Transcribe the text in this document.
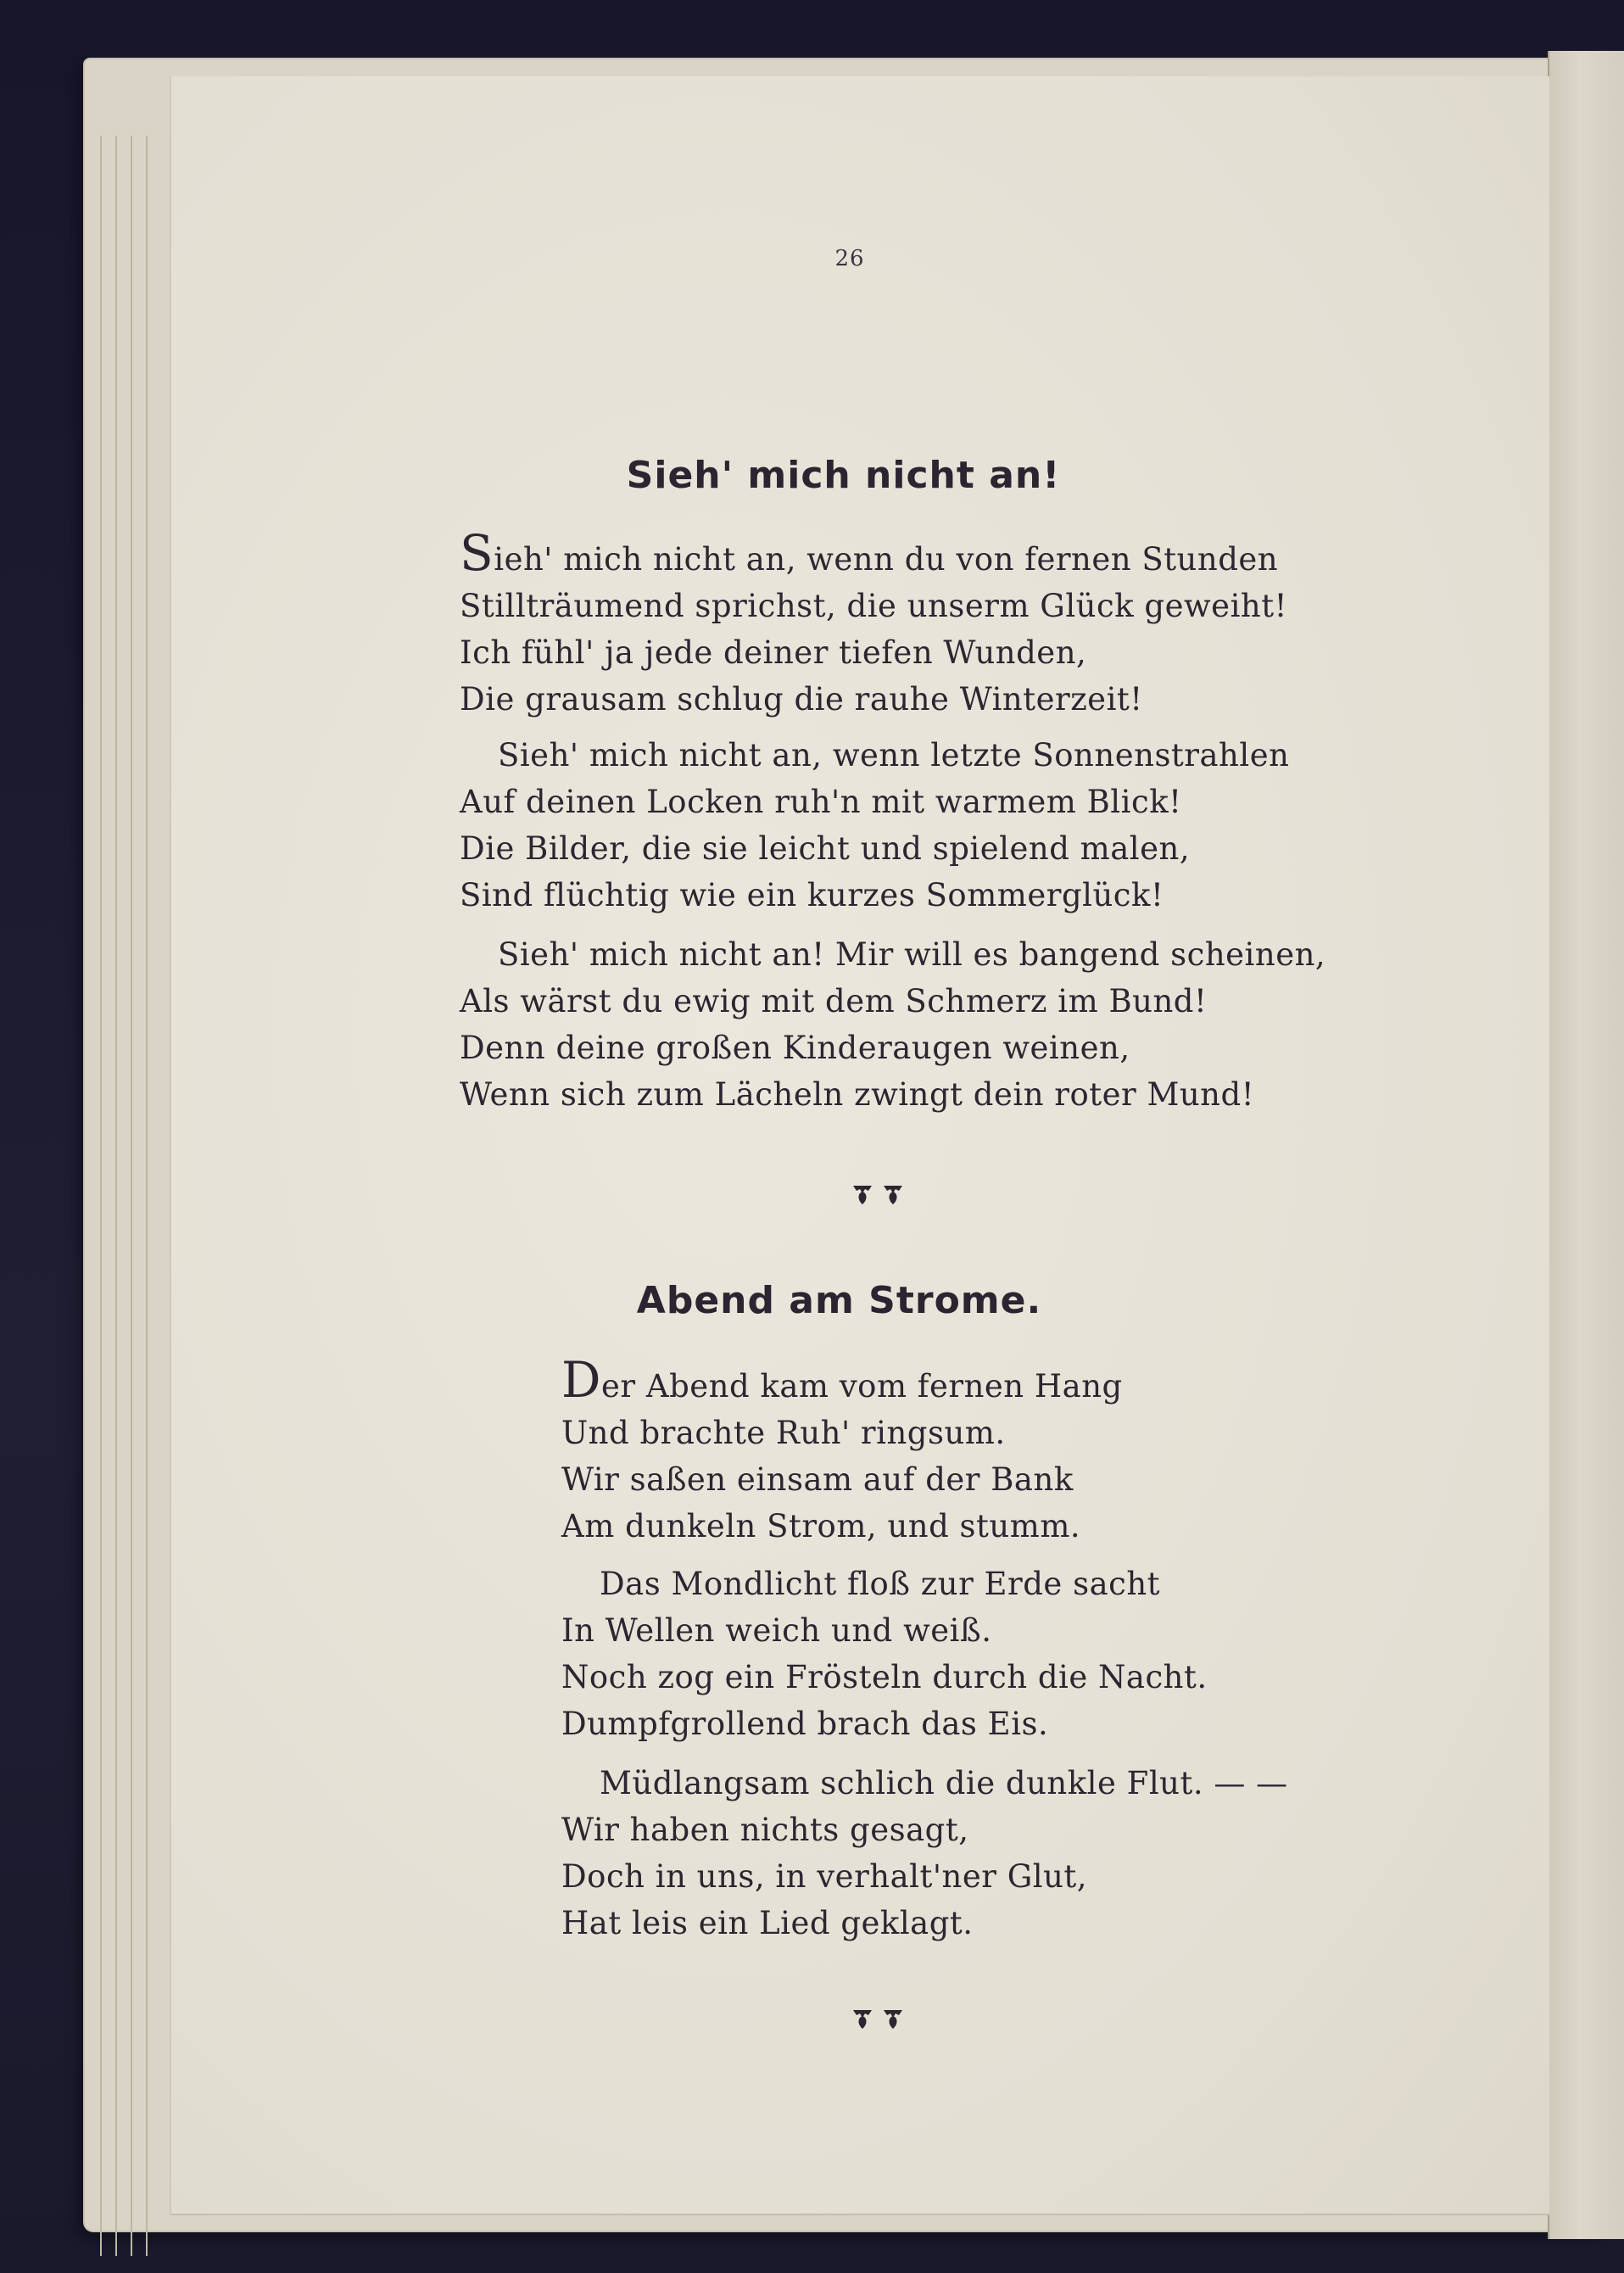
26
Sieh' mich nicht an!
Sieh' mich nicht an, wenn du von fernen Stunden
Stillträumend sprichst, die unserm Glück geweiht!
Ich fühl' ja jede deiner tiefen Wunden,
Die grausam schlug die rauhe Winterzeit!
Sieh' mich nicht an, wenn letzte Sonnenstrahlen
Auf deinen Locken ruh'n mit warmem Blick!
Die Bilder, die sie leicht und spielend malen,
Sind flüchtig wie ein kurzes Sommerglück!
Sieh' mich nicht an! Mir will es bangend scheinen,
Als wärst du ewig mit dem Schmerz im Bund!
Denn deine großen Kinderaugen weinen,
Wenn sich zum Lächeln zwingt dein roter Mund!
Abend am Strome.
Der Abend kam vom fernen Hang
Und brachte Ruh' ringsum.
Wir saßen einsam auf der Bank
Am dunkeln Strom, und stumm.
Das Mondlicht floß zur Erde sacht
In Wellen weich und weiß.
Noch zog ein Frösteln durch die Nacht.
Dumpfgrollend brach das Eis.
Müdlangsam schlich die dunkle Flut. — —
Wir haben nichts gesagt,
Doch in uns, in verhalt'ner Glut,
Hat leis ein Lied geklagt.
